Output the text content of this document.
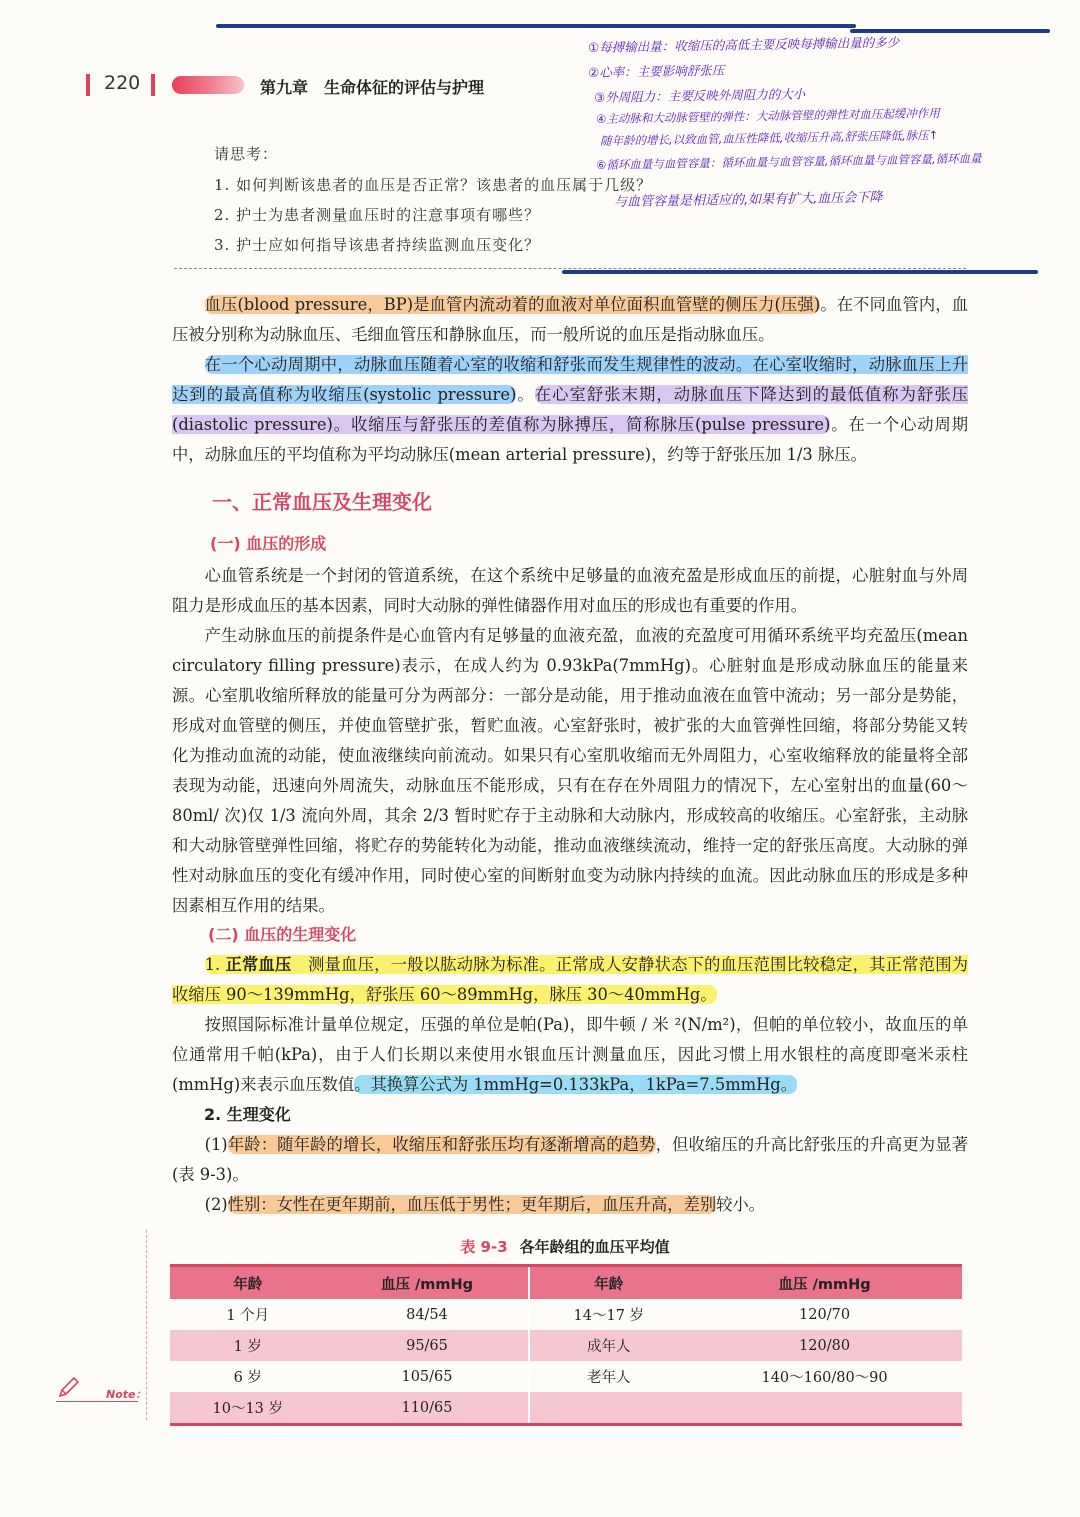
220	第九章　生命体征的评估与护理
①每搏输出量：收缩压的高低主要反映每搏输出量的多少
②心率：主要影响舒张压
③外周阻力：主要反映外周阻力的大小
④主动脉和大动脉管壁的弹性：大动脉管壁的弹性对血压起缓冲作用
随年龄的增长,以致血管,血压性降低,收缩压升高,舒张压降低,脉压↑
⑥循环血量与血管容量：循环血量与血管容量,循环血量与血管容量,循环血量
与血管容量是相适应的,如果有扩大,血压会下降
请思考：
1. 如何判断该患者的血压是否正常？该患者的血压属于几级？
2. 护士为患者测量血压时的注意事项有哪些？
3. 护士应如何指导该患者持续监测血压变化？

血压(blood pressure，BP)是血管内流动着的血液对单位面积血管壁的侧压力(压强)。在不同血管内，血压被分别称为动脉血压、毛细血管压和静脉血压，而一般所说的血压是指动脉血压。

在一个心动周期中，动脉血压随着心室的收缩和舒张而发生规律性的波动。在心室收缩时，动脉血压上升达到的最高值称为收缩压(systolic pressure)。在心室舒张末期，动脉血压下降达到的最低值称为舒张压(diastolic pressure)。收缩压与舒张压的差值称为脉搏压，简称脉压(pulse pressure)。在一个心动周期中，动脉血压的平均值称为平均动脉压(mean arterial pressure)，约等于舒张压加 1/3 脉压。

一、正常血压及生理变化
(一) 血压的形成

心血管系统是一个封闭的管道系统，在这个系统中足够量的血液充盈是形成血压的前提，心脏射血与外周阻力是形成血压的基本因素，同时大动脉的弹性储器作用对血压的形成也有重要的作用。

产生动脉血压的前提条件是心血管内有足够量的血液充盈，血液的充盈度可用循环系统平均充盈压(mean circulatory filling pressure)表示，在成人约为 0.93kPa(7mmHg)。心脏射血是形成动脉血压的能量来源。心室肌收缩所释放的能量可分为两部分：一部分是动能，用于推动血液在血管中流动；另一部分是势能，形成对血管壁的侧压，并使血管壁扩张，暂贮血液。心室舒张时，被扩张的大血管弹性回缩，将部分势能又转化为推动血流的动能，使血液继续向前流动。如果只有心室肌收缩而无外周阻力，心室收缩释放的能量将全部表现为动能，迅速向外周流失，动脉血压不能形成，只有在存在外周阻力的情况下，左心室射出的血量(60～80ml/ 次)仅 1/3 流向外周，其余 2/3 暂时贮存于主动脉和大动脉内，形成较高的收缩压。心室舒张，主动脉和大动脉管壁弹性回缩，将贮存的势能转化为动能，推动血液继续流动，维持一定的舒张压高度。大动脉的弹性对动脉血压的变化有缓冲作用，同时使心室的间断射血变为动脉内持续的血流。因此动脉血压的形成是多种因素相互作用的结果。

(二) 血压的生理变化

1. 正常血压　 测量血压，一般以肱动脉为标准。正常成人安静状态下的血压范围比较稳定，其正常范围为收缩压 90～139mmHg，舒张压 60～89mmHg，脉压 30～40mmHg。

按照国际标准计量单位规定，压强的单位是帕(Pa)，即牛顿 / 米 ²(N/m²)，但帕的单位较小，故血压的单位通常用千帕(kPa)，由于人们长期以来使用水银血压计测量血压，因此习惯上用水银柱的高度即毫米汞柱(mmHg)来表示血压数值。其换算公式为 1mmHg=0.133kPa，1kPa=7.5mmHg。

2. 生理变化

(1)年龄：随年龄的增长，收缩压和舒张压均有逐渐增高的趋势，但收缩压的升高比舒张压的升高更为显著(表 9-3)。

(2)性别：女性在更年期前，血压低于男性；更年期后，血压升高，差别较小。

表 9-3 各年龄组的血压平均值
年龄	血压 /mmHg	年龄	血压 /mmHg
1 个月	84/54	14～17 岁	120/70
1 岁	95/65	成年人	120/80
6 岁	105/65	老年人	140～160/80～90
10～13 岁	110/65		
Note：
